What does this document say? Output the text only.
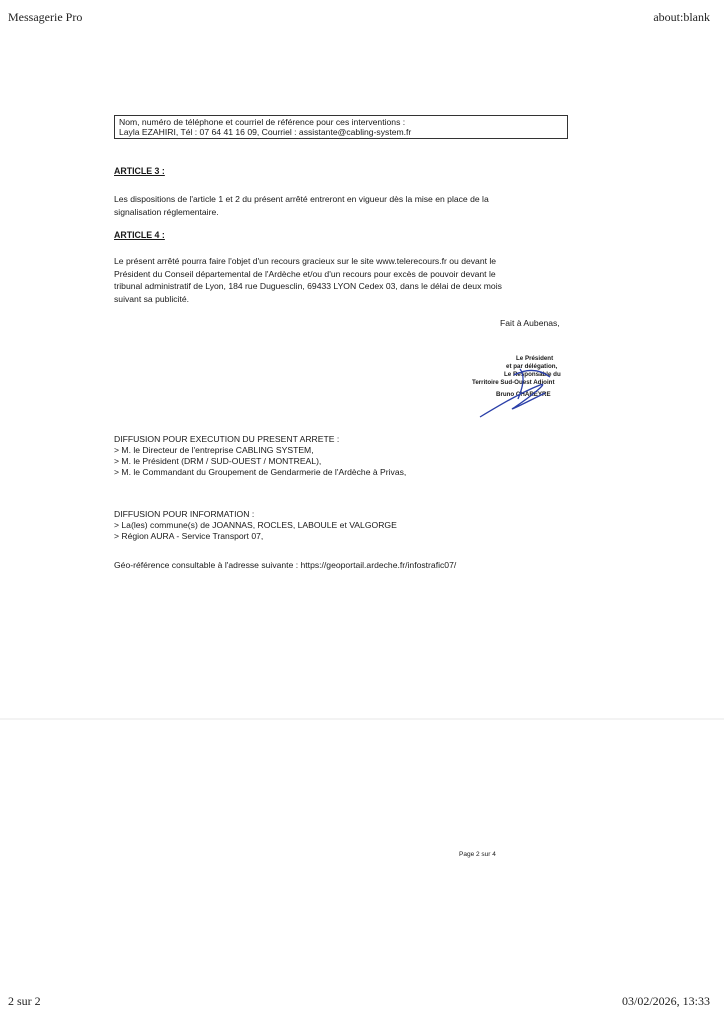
Messagerie Pro	about:blank
Nom, numéro de téléphone et courriel de référence pour ces interventions :
Layla EZAHIRI, Tél : 07 64 41 16 09, Courriel : assistante@cabling-system.fr
ARTICLE 3 :
Les dispositions de l'article 1 et 2 du présent arrêté entreront en vigueur dès la mise en place de la
signalisation réglementaire.
ARTICLE 4 :
Le présent arrêté pourra faire l'objet d'un recours gracieux sur le site www.telerecours.fr ou devant le
Président du Conseil départemental de l'Ardèche et/ou d'un recours pour excès de pouvoir devant le
tribunal administratif de Lyon, 184 rue Duguesclin, 69433 LYON Cedex 03, dans le délai de deux mois
suivant sa publicité.
Fait à Aubenas,
Le Président
et par délégation,
Le Responsable du
Territoire Sud-Ouest Adjoint
Bruno CHAREYRE
DIFFUSION POUR EXECUTION DU PRESENT ARRETE :
> M. le Directeur de l'entreprise CABLING SYSTEM,
> M. le Président (DRM / SUD-OUEST / MONTREAL),
> M. le Commandant du Groupement de Gendarmerie de l'Ardèche à Privas,
DIFFUSION POUR INFORMATION :
> La(les) commune(s) de JOANNAS, ROCLES, LABOULE et VALGORGE
> Région AURA - Service Transport 07,
Géo-référence consultable à l'adresse suivante : https://geoportail.ardeche.fr/infostrafic07/
Page 2 sur 4
2 sur 2	03/02/2026, 13:33
